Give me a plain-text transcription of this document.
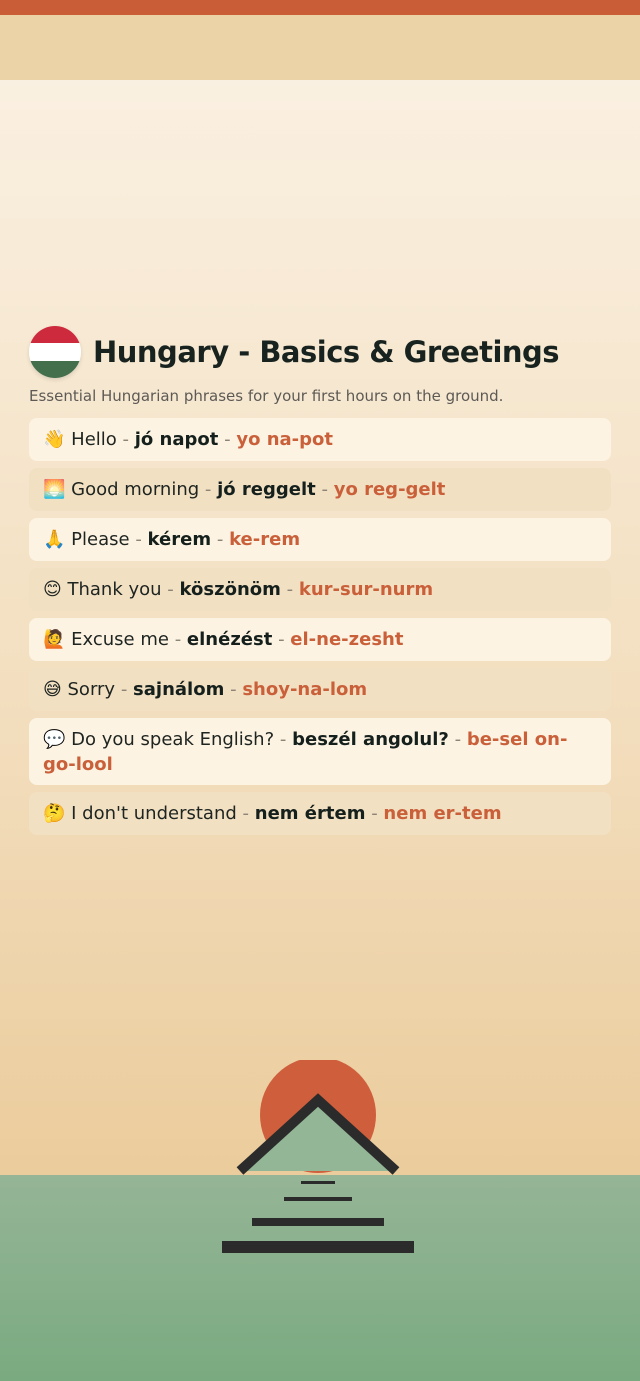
Hungary - Basics & Greetings
Essential Hungarian phrases for your first hours on the ground.
👋 Hello - jó napot - yo na-pot
🌅 Good morning - jó reggelt - yo reg-gelt
🙏 Please - kérem - ke-rem
😊 Thank you - köszönöm - kur-sur-nurm
🙋 Excuse me - elnézést - el-ne-zesht
😅 Sorry - sajnálom - shoy-na-lom
💬 Do you speak English? - beszél angolul? - be-sel on-go-lool
🤔 I don't understand - nem értem - nem er-tem
